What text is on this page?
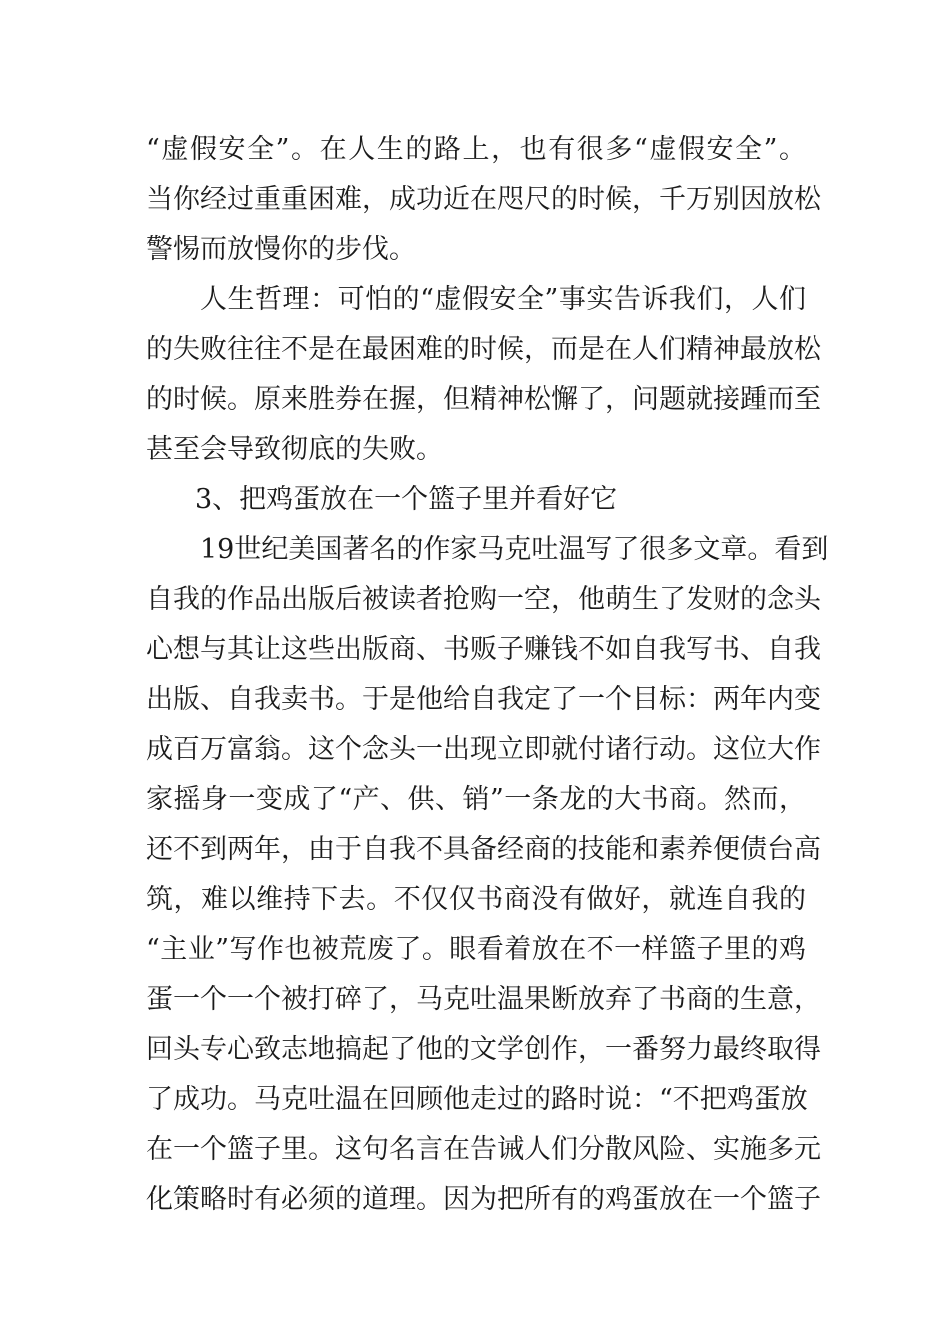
“虚假安全”。在人生的路上，也有很多“虚假安全”。
当你经过重重困难，成功近在咫尺的时候，千万别因放松
警惕而放慢你的步伐。
人生哲理：可怕的“虚假安全”事实告诉我们，人们
的失败往往不是在最困难的时候，而是在人们精神最放松
的时候。原来胜券在握，但精神松懈了，问题就接踵而至
甚至会导致彻底的失败。
3、把鸡蛋放在一个篮子里并看好它
19世纪美国著名的作家马克吐温写了很多文章。看到
自我的作品出版后被读者抢购一空，他萌生了发财的念头
心想与其让这些出版商、书贩子赚钱不如自我写书、自我
出版、自我卖书。于是他给自我定了一个目标：两年内变
成百万富翁。这个念头一出现立即就付诸行动。这位大作
家摇身一变成了“产、供、销”一条龙的大书商。然而，
还不到两年，由于自我不具备经商的技能和素养便债台高
筑，难以维持下去。不仅仅书商没有做好，就连自我的
“主业”写作也被荒废了。眼看着放在不一样篮子里的鸡
蛋一个一个被打碎了，马克吐温果断放弃了书商的生意，
回头专心致志地搞起了他的文学创作，一番努力最终取得
了成功。马克吐温在回顾他走过的路时说：“不把鸡蛋放
在一个篮子里。这句名言在告诫人们分散风险、实施多元
化策略时有必须的道理。因为把所有的鸡蛋放在一个篮子
